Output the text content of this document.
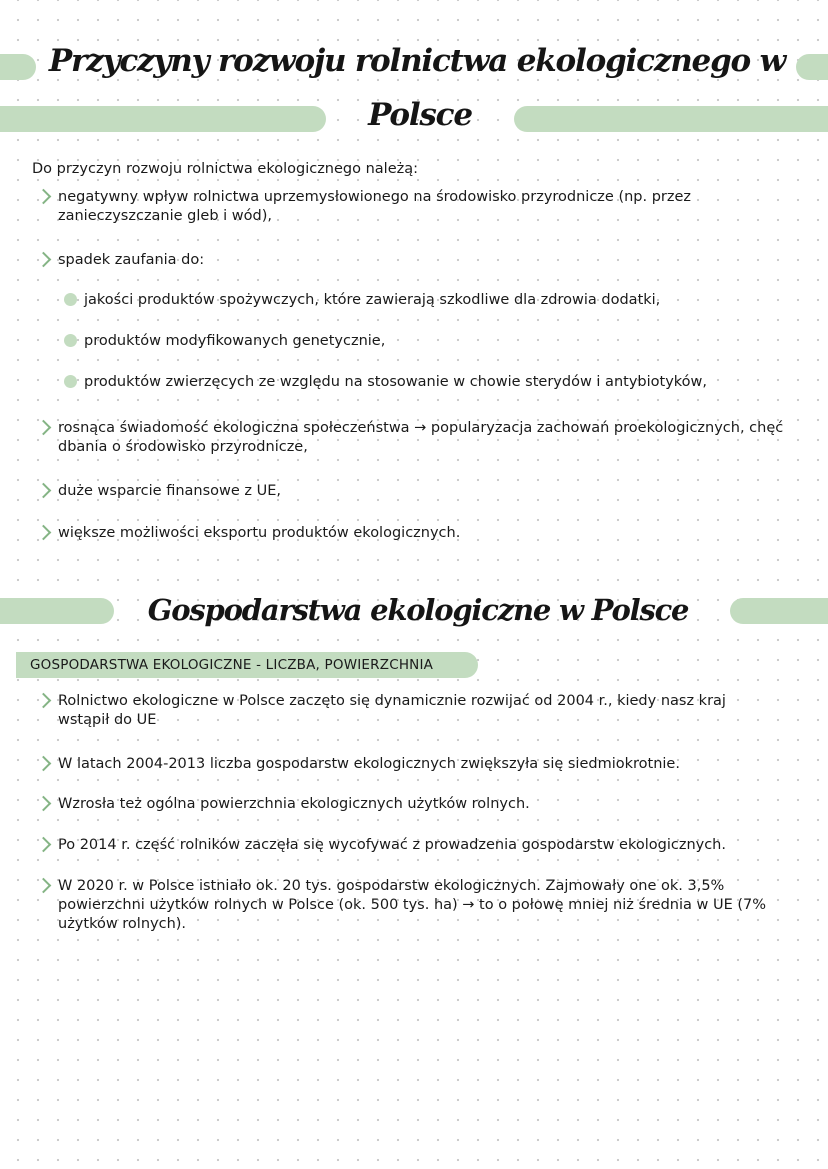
Przyczyny rozwoju rolnictwa ekologicznego w
Polsce
Do przyczyn rozwoju rolnictwa ekologicznego należą:
negatywny wpływ rolnictwa uprzemysłowionego na środowisko przyrodnicze (np. przez zanieczyszczanie gleb i wód),
spadek zaufania do:
jakości produktów spożywczych, które zawierają szkodliwe dla zdrowia dodatki,
produktów modyfikowanych genetycznie,
produktów zwierzęcych ze względu na stosowanie w chowie sterydów i antybiotyków,
rosnąca świadomość ekologiczna społeczeństwa → popularyzacja zachowań proekologicznych, chęć dbania o środowisko przyrodnicze,
duże wsparcie finansowe z UE,
większe możliwości eksportu produktów ekologicznych.
Gospodarstwa ekologiczne w Polsce
GOSPODARSTWA EKOLOGICZNE - LICZBA, POWIERZCHNIA
Rolnictwo ekologiczne w Polsce zaczęto się dynamicznie rozwijać od 2004 r., kiedy nasz kraj wstąpił do UE
W latach 2004-2013 liczba gospodarstw ekologicznych zwiększyła się siedmiokrotnie.
Wzrosła też ogólna powierzchnia ekologicznych użytków rolnych.
Po 2014 r. część rolników zaczęła się wycofywać z prowadzenia gospodarstw ekologicznych.
W 2020 r. w Polsce istniało ok. 20 tys. gospodarstw ekologicznych. Zajmowały one ok. 3,5% powierzchni użytków rolnych w Polsce (ok. 500 tys. ha) → to o połowę mniej niż średnia w UE (7% użytków rolnych).
